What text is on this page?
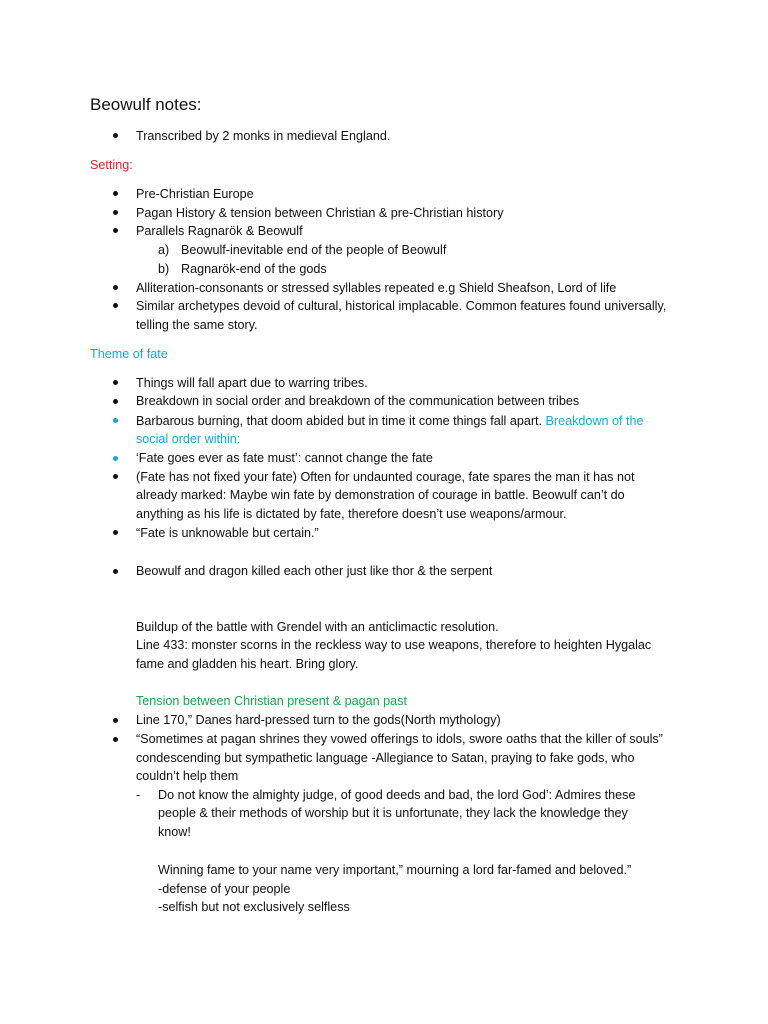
Beowulf notes:
Transcribed by 2 monks in medieval England.
Setting:
Pre-Christian Europe
Pagan History & tension between Christian & pre-Christian history
Parallels Ragnarök & Beowulf
a) Beowulf-inevitable end of the people of Beowulf
b) Ragnarök-end of the gods
Alliteration-consonants or stressed syllables repeated e.g Shield Sheafson, Lord of life
Similar archetypes devoid of cultural, historical implacable. Common features found universally,
telling the same story.
Theme of fate
Things will fall apart due to warring tribes.
Breakdown in social order and breakdown of the communication between tribes
Barbarous burning, that doom abided but in time it come things fall apart. Breakdown of the
social order within:
‘Fate goes ever as fate must’: cannot change the fate
(Fate has not fixed your fate) Often for undaunted courage, fate spares the man it has not
already marked: Maybe win fate by demonstration of courage in battle. Beowulf can’t do
anything as his life is dictated by fate, therefore doesn’t use weapons/armour.
“Fate is unknowable but certain.”
Beowulf and dragon killed each other just like thor & the serpent
Buildup of the battle with Grendel with an anticlimactic resolution.
Line 433: monster scorns in the reckless way to use weapons, therefore to heighten Hygalac
fame and gladden his heart. Bring glory.
Tension between Christian present & pagan past
Line 170,” Danes hard-pressed turn to the gods(North mythology)
“Sometimes at pagan shrines they vowed offerings to idols, swore oaths that the killer of souls”
condescending but sympathetic language -Allegiance to Satan, praying to fake gods, who
couldn’t help them
- Do not know the almighty judge, of good deeds and bad, the lord God’: Admires these
people & their methods of worship but it is unfortunate, they lack the knowledge they
know!
Winning fame to your name very important,” mourning a lord far-famed and beloved.”
-defense of your people
-selfish but not exclusively selfless
